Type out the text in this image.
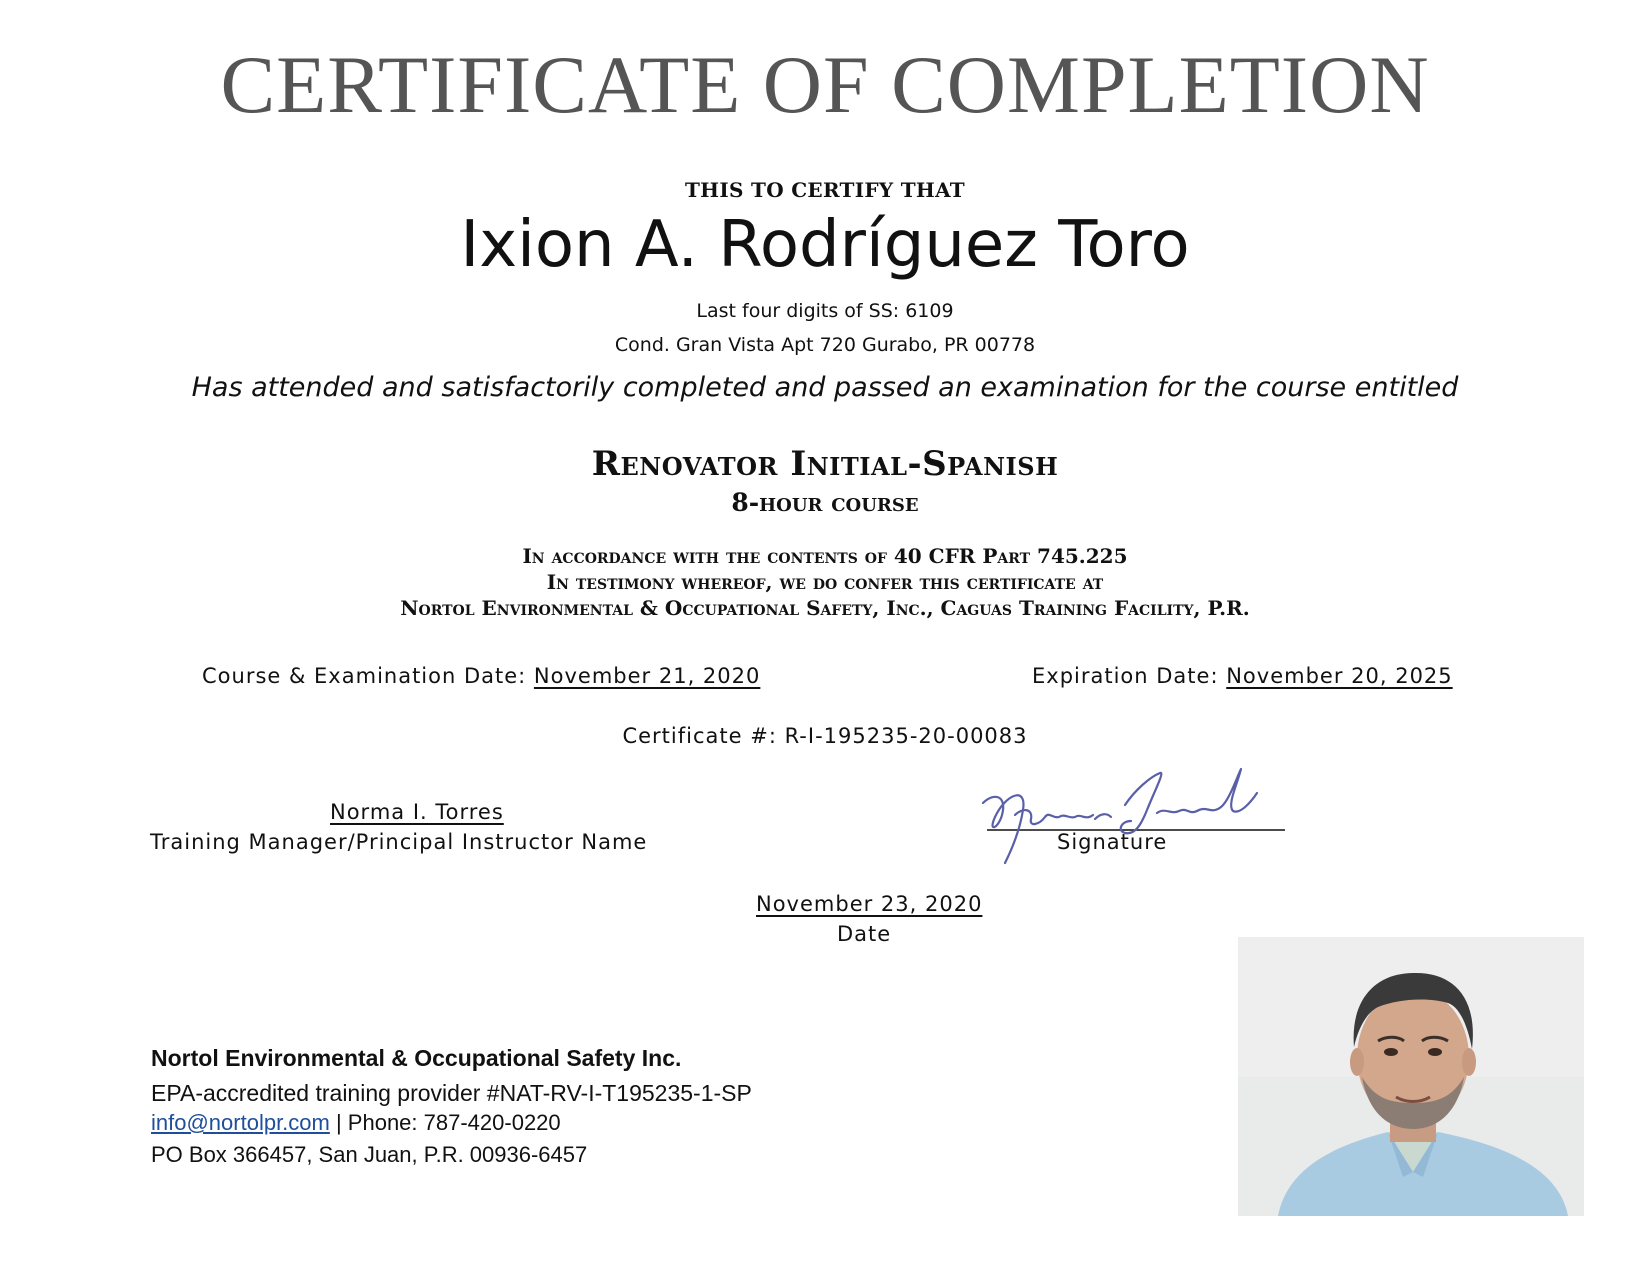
CERTIFICATE OF COMPLETION
THIS TO CERTIFY THAT
Ixion A. Rodríguez Toro
Last four digits of SS: 6109
Cond. Gran Vista Apt 720 Gurabo, PR 00778
Has attended and satisfactorily completed and passed an examination for the course entitled
Renovator Initial-Spanish
8-hour course
In accordance with the contents of 40 CFR Part 745.225
In testimony whereof, we do confer this certificate at
Nortol Environmental & Occupational Safety, Inc., Caguas Training Facility, P.R.
Course & Examination Date: November 21, 2020	Expiration Date: November 20, 2025
Certificate #: R-I-195235-20-00083
Norma I. Torres
Training Manager/Principal Instructor Name	Signature
November 23, 2020
Date
Nortol Environmental & Occupational Safety Inc.
EPA-accredited training provider #NAT-RV-I-T195235-1-SP
info@nortolpr.com | Phone: 787-420-0220
PO Box 366457, San Juan, P.R. 00936-6457
